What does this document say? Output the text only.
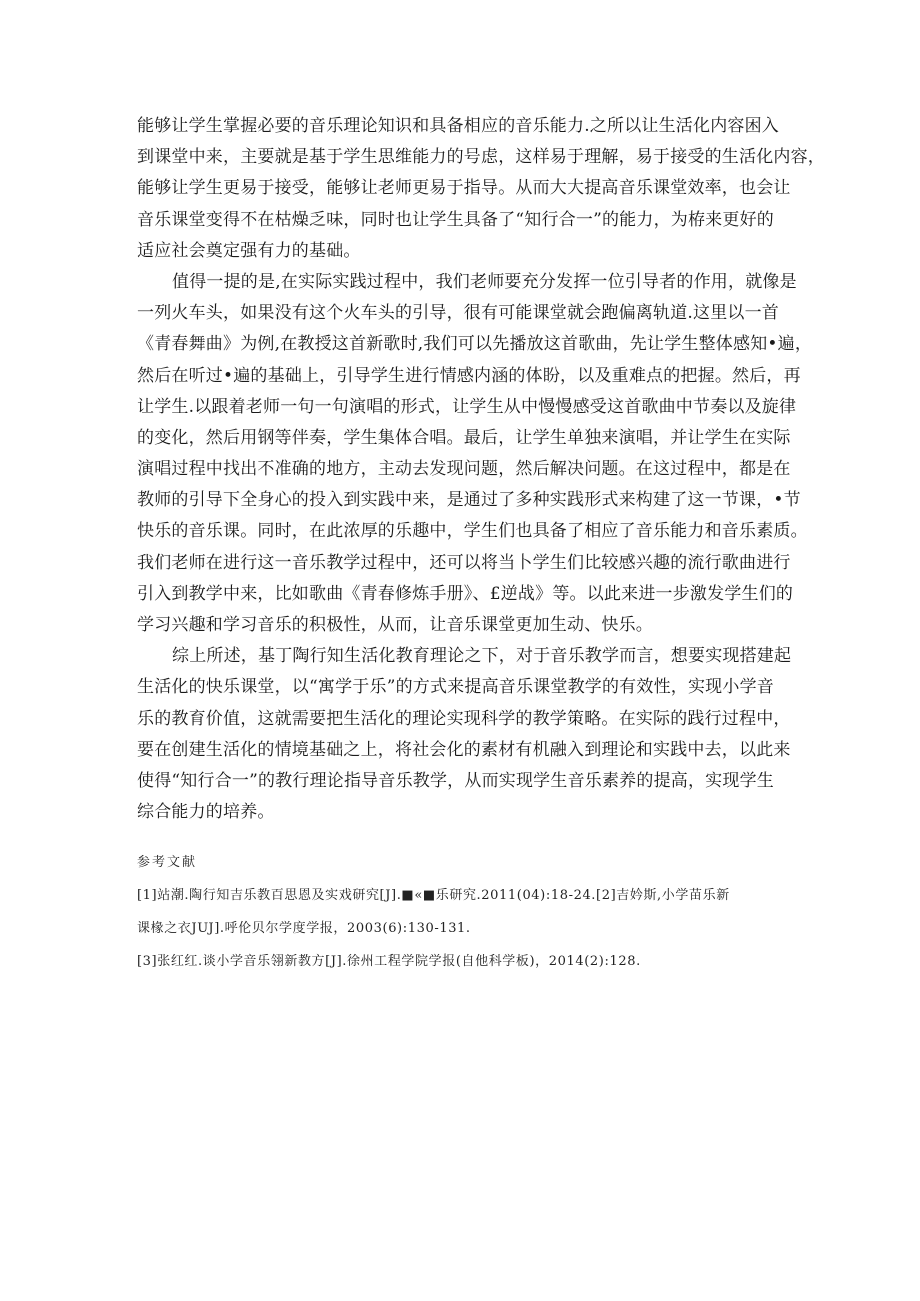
能够让学生掌握必要的音乐理论知识和具备相应的音乐能力.之所以让生活化内容困入
到课堂中来，主要就是基于学生思维能力的号虑，这样易于理解，易于接受的生活化内容，
能够让学生更易于接受，能够让老师更易于指导。从而大大提高音乐课堂效率，也会让
音乐课堂变得不在枯燥乏味，同时也让学生具备了“知行合一”的能力，为栫来更好的
适应社会奠定强有力的基础。
值得一提的是,在实际实践过程中，我们老师要充分发挥一位引导者的作用，就像是
一列火车头，如果没有这个火车头的引导，很有可能课堂就会跑偏离轨道.这里以一首
《青春舞曲》为例,在教授这首新歌时,我们可以先播放这首歌曲，先让学生整体感知•遍，
然后在听过•遍的基础上，引导学生进行情感内涵的体盼，以及重难点的把握。然后，再
让学生.以跟着老师一句一句演唱的形式，让学生从中慢慢感受这首歌曲中节奏以及旋律
的变化，然后用钢等伴奏，学生集体合唱。最后，让学生单独来演唱，并让学生在实际
演唱过程中找出不准确的地方，主动去发现问题，然后解决问题。在这过程中，都是在
教师的引导下全身心的投入到实践中来，是通过了多种实践形式来构建了这一节课，•节
快乐的音乐课。同时，在此浓厚的乐趣中，学生们也具备了相应了音乐能力和音乐素质。
我们老师在进行这一音乐教学过程中，还可以将当卜学生们比较感兴趣的流行歌曲进行
引入到教学中来，比如歌曲《青春修炼手册》、£逆战》等。以此来进一步激发学生们的
学习兴趣和学习音乐的积极性，从而，让音乐课堂更加生动、快乐。
综上所述，基丁陶行知生活化教育理论之下，对于音乐教学而言，想要实现搭建起
生活化的快乐课堂，以“寓学于乐”的方式来提高音乐课堂教学的有效性，实现小学音
乐的教育价值，这就需要把生活化的理论实现科学的教学策略。在实际的践行过程中，
要在创建生活化的情境基础之上，将社会化的素材有机融入到理论和实践中去，以此来
使得“知行合一”的教行理论指导音乐教学，从而实现学生音乐素养的提高，实现学生
综合能力的培养。
参考文献
[1]站潮.陶行知吉乐教百思恩及实戏研究[J].■«■乐研究.2011(04):18-24.[2]吉妗斯,小学苗乐新
课椽之衣JUJ].呼伦贝尔学度学报，2003(6):130-131.
[3]张红红.谈小学音乐翎新教方[J].徐州工程学院学报(自他科学板)，2014(2):128.
